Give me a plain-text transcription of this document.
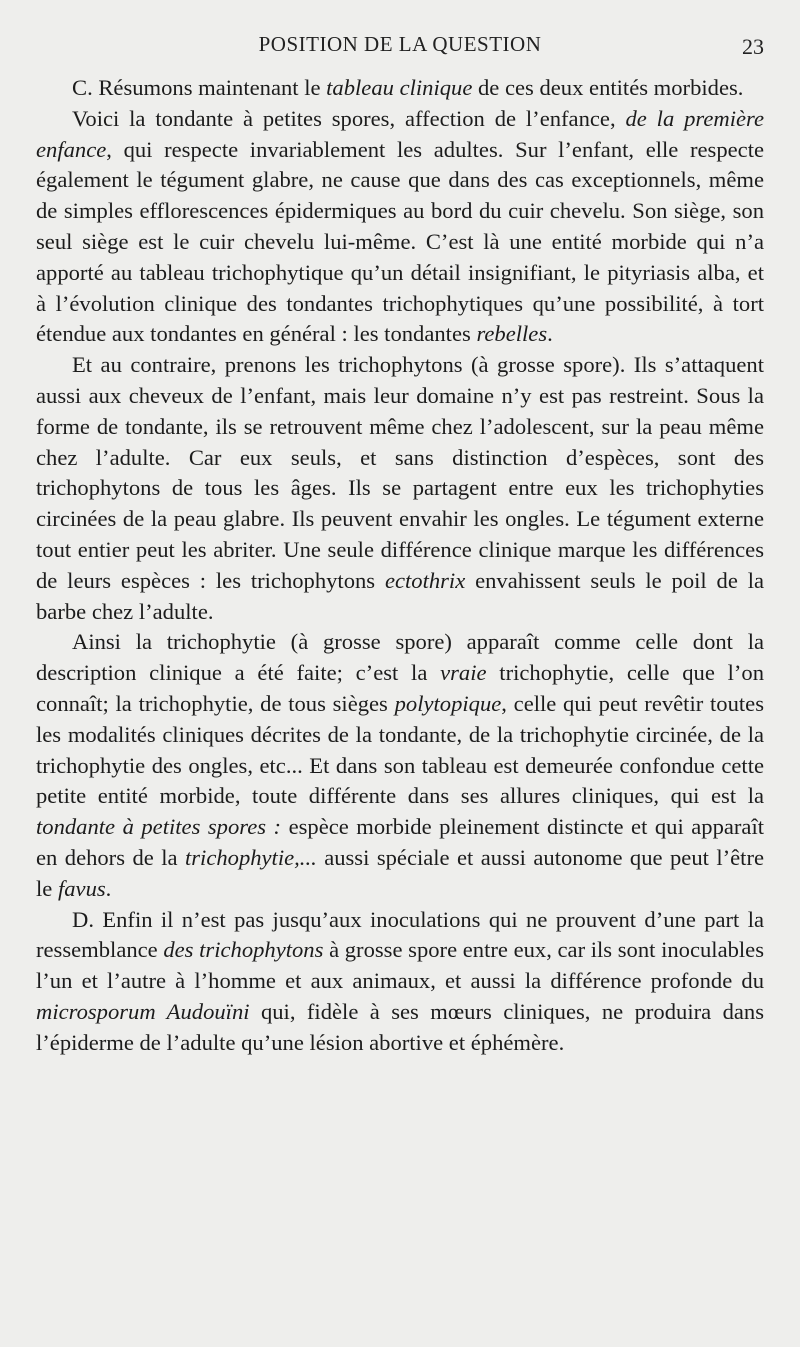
POSITION DE LA QUESTION	23

C. Résumons maintenant le tableau clinique de ces deux entités morbides.

Voici la tondante à petites spores, affection de l’enfance, de la première enfance, qui respecte invariablement les adultes. Sur l’enfant, elle respecte également le tégument glabre, ne cause que dans des cas exceptionnels, même de simples efflorescences épidermiques au bord du cuir chevelu. Son siège, son seul siège est le cuir chevelu lui-même. C’est là une entité morbide qui n’a apporté au tableau trichophytique qu’un détail insignifiant, le pityriasis alba, et à l’évolution clinique des tondantes trichophytiques qu’une possibilité, à tort étendue aux tondantes en général : les tondantes rebelles.

Et au contraire, prenons les trichophytons (à grosse spore). Ils s’attaquent aussi aux cheveux de l’enfant, mais leur domaine n’y est pas restreint. Sous la forme de tondante, ils se retrouvent même chez l’adolescent, sur la peau même chez l’adulte. Car eux seuls, et sans distinction d’espèces, sont des trichophytons de tous les âges. Ils se partagent entre eux les trichophyties circinées de la peau glabre. Ils peuvent envahir les ongles. Le tégument externe tout entier peut les abriter. Une seule différence clinique marque les différences de leurs espèces : les trichophytons ectothrix envahissent seuls le poil de la barbe chez l’adulte.

Ainsi la trichophytie (à grosse spore) apparaît comme celle dont la description clinique a été faite; c’est la vraie trichophytie, celle que l’on connaît; la trichophytie, de tous sièges polytopique, celle qui peut revêtir toutes les modalités cliniques décrites de la tondante, de la trichophytie circinée, de la trichophytie des ongles, etc... Et dans son tableau est demeurée confondue cette petite entité morbide, toute différente dans ses allures cliniques, qui est la tondante à petites spores : espèce morbide pleinement distincte et qui apparaît en dehors de la trichophytie,... aussi spéciale et aussi autonome que peut l’être le favus.

D. Enfin il n’est pas jusqu’aux inoculations qui ne prouvent d’une part la ressemblance des trichophytons à grosse spore entre eux, car ils sont inoculables l’un et l’autre à l’homme et aux animaux, et aussi la différence profonde du microsporum Audouïni qui, fidèle à ses mœurs cliniques, ne produira dans l’épiderme de l’adulte qu’une lésion abortive et éphémère.
